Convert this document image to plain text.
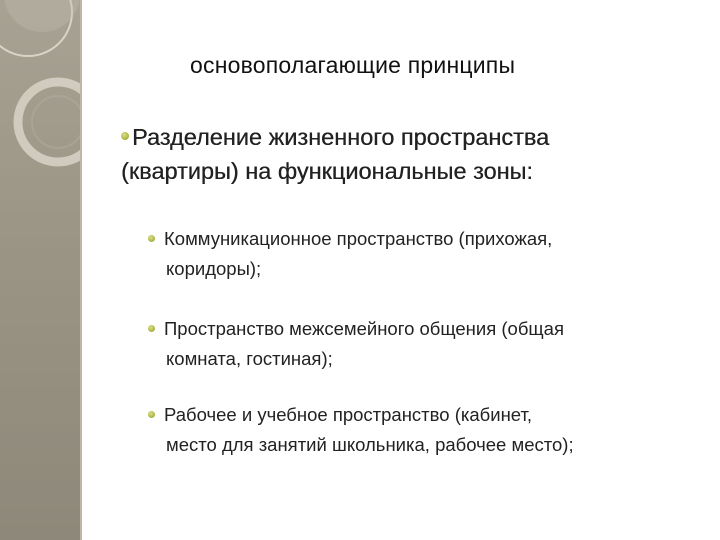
основополагающие принципы
Разделение жизненного пространства
(квартиры) на функциональные зоны:
Коммуникационное пространство (прихожая,
коридоры);
Пространство межсемейного общения (общая
комната, гостиная);
Рабочее и учебное пространство (кабинет,
место для занятий школьника, рабочее место);
